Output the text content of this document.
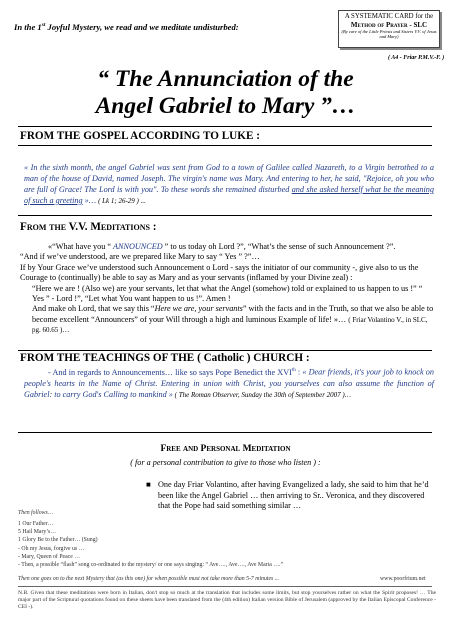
In the 1st Joyful Mystery, we read and we meditate undisturbed:
A SYSTEMATIC CARD for the
Method of Prayer - SLC
(By care of the Little Priests and Sisters V.V. of Jesus and Mary)
( A4 - Friar P.M.V.-F. )
“ The Annunciation of the
Angel Gabriel to Mary ”…
FROM THE GOSPEL ACCORDING TO LUKE :
« In the sixth month, the angel Gabriel was sent from God to a town of Galilee called Nazareth, to a Virgin betrothed to a man of the house of David, named Joseph. The virgin's name was Mary. And entering to her, he said, "Rejoice, oh you who are full of Grace! The Lord is with you". To these words she remained disturbed and she asked herself what be the meaning of such a greeting »… ( Lk 1; 26-29 ) ...
From the V.V. Meditations :

«“What have you “ ANNOUNCED ” to us today oh Lord ?”, “What’s the sense of such Announcement ?”.

“And if we’ve understood, are we prepared like Mary to say “ Yes ” ?”…

If by Your Grace we’ve understood such Announcement o Lord - says the initiator of our community -, give also to us the Courage to (continually) be able to say as Mary and as your servants (inflamed by your Divine zeal) :

“Here we are ! (Also we) are your servants, let that what the Angel (somehow) told or explained to us happen to us !” “ Yes ” - Lord !”, “Let what You want happen to us !”. Amen !

And make oh Lord, that we say this “Here we are, your servants” with the facts and in the Truth, so that we also be able to become excellent “Announcers” of your Will through a high and luminous Example of life! »… ( Friar Volantino V., in SLC, pg. 60.65 )…

FROM THE TEACHINGS OF THE ( Catholic ) CHURCH :
- And in regards to Announcements… like so says Pope Benedict the XVIth : « Dear friends, it's your job to knock on people's hearts in the Name of Christ. Entering in union with Christ, you yourselves can also assume the function of Gabriel: to carry God's Calling to mankind » ( The Roman Observer, Sunday the 30th of September 2007 )…
Free and Personal Meditation
( for a personal contribution to give to those who listen ) :
■ One day Friar Volantino, after having Evangelized a lady, she said to him that he’d been like the Angel Gabriel … then arriving to Sr.. Veronica, and they discovered that the Pope had said something similar …
Then follows…
1 Our Father…
5 Hail Mary’s…
1 Glory Be to the Father… (Sung)
- Oh my Jesus, forgive us …
- Mary, Queen of Peace …
- Then, a possible “flash” song co-ordinated to the mystery/ or one says singing: “ Ave…., Ave…., Ave Maria ….”
Then one goes on to the next Mystery that (as this one) for when possible must not take more than 5-7 minutes ...	www.poorfrium.net
N.B. Given that these meditations were born in Italian, don't stop so much at the translation that includes some limits, but stop yourselves rather on what the Spirit proposes! … The major part of the Scriptural quotations found on these sheets have been translated from the (4th edition) Italian version Bible of Jerusalem (approved by the Italian Episcopal Conference - CEI -).
